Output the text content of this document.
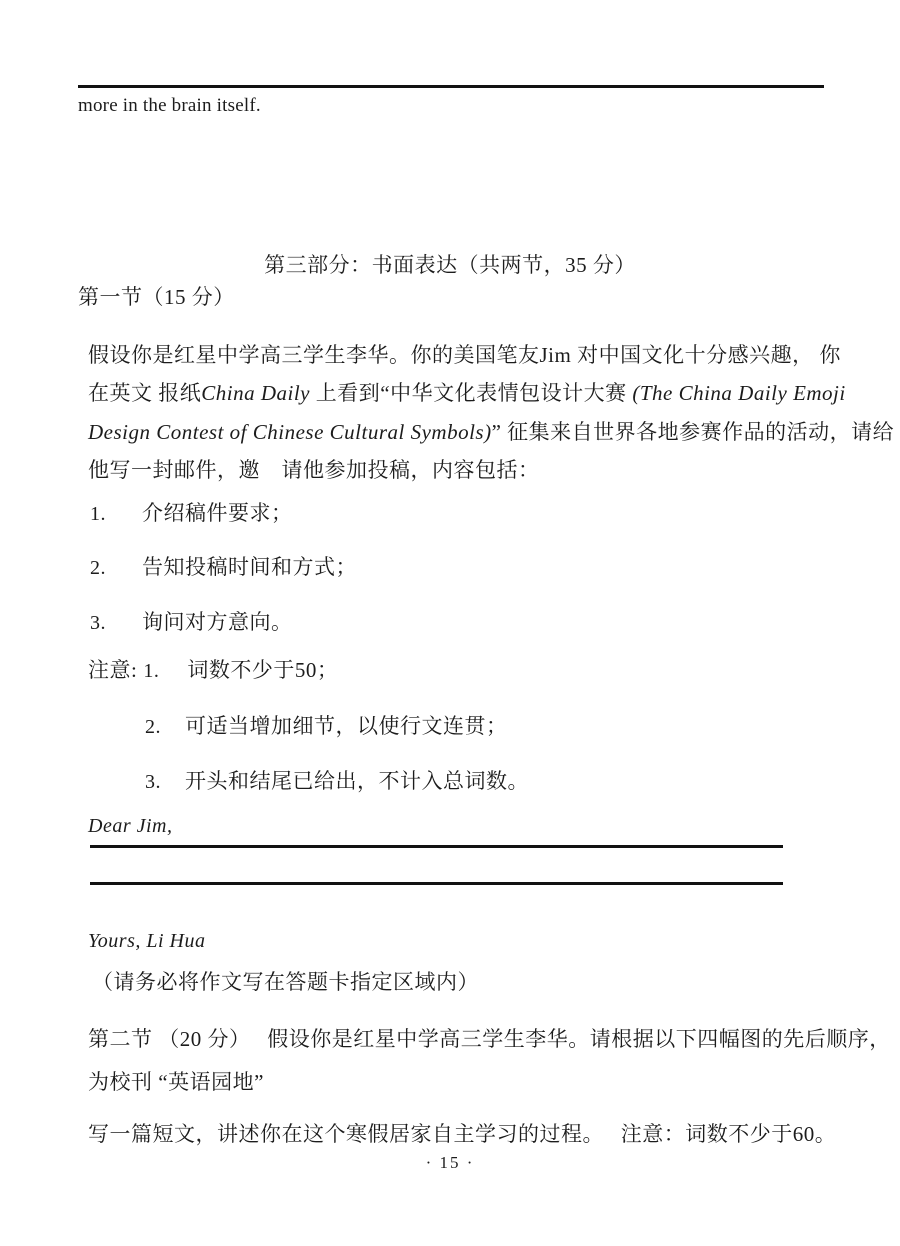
more in the brain itself.
第三部分：书面表达（共两节，35 分）
第一节（15 分）
假设你是红星中学高三学生李华。你的美国笔友Jim 对中国文化十分感兴趣， 你
在英文 报纸China Daily 上看到“中华文化表情包设计大赛 (The China Daily Emoji
Design Contest of Chinese Cultural Symbols)” 征集来自世界各地参赛作品的活动，请给
他写一封邮件，邀　请他参加投稿，内容包括：
1. 介绍稿件要求；
2. 告知投稿时间和方式；
3. 询问对方意向。
注意: 1. 词数不少于50；
2. 可适当增加细节，以使行文连贯；
3. 开头和结尾已给出，不计入总词数。
Dear Jim,
Yours, Li Hua
（请务必将作文写在答题卡指定区域内）
第二节 （20 分）　 假设你是红星中学高三学生李华。请根据以下四幅图的先后顺序，
为校刊 “英语园地”
写一篇短文，讲述你在这个寒假居家自主学习的过程。　 注意：词数不少于60。
· 15 ·
